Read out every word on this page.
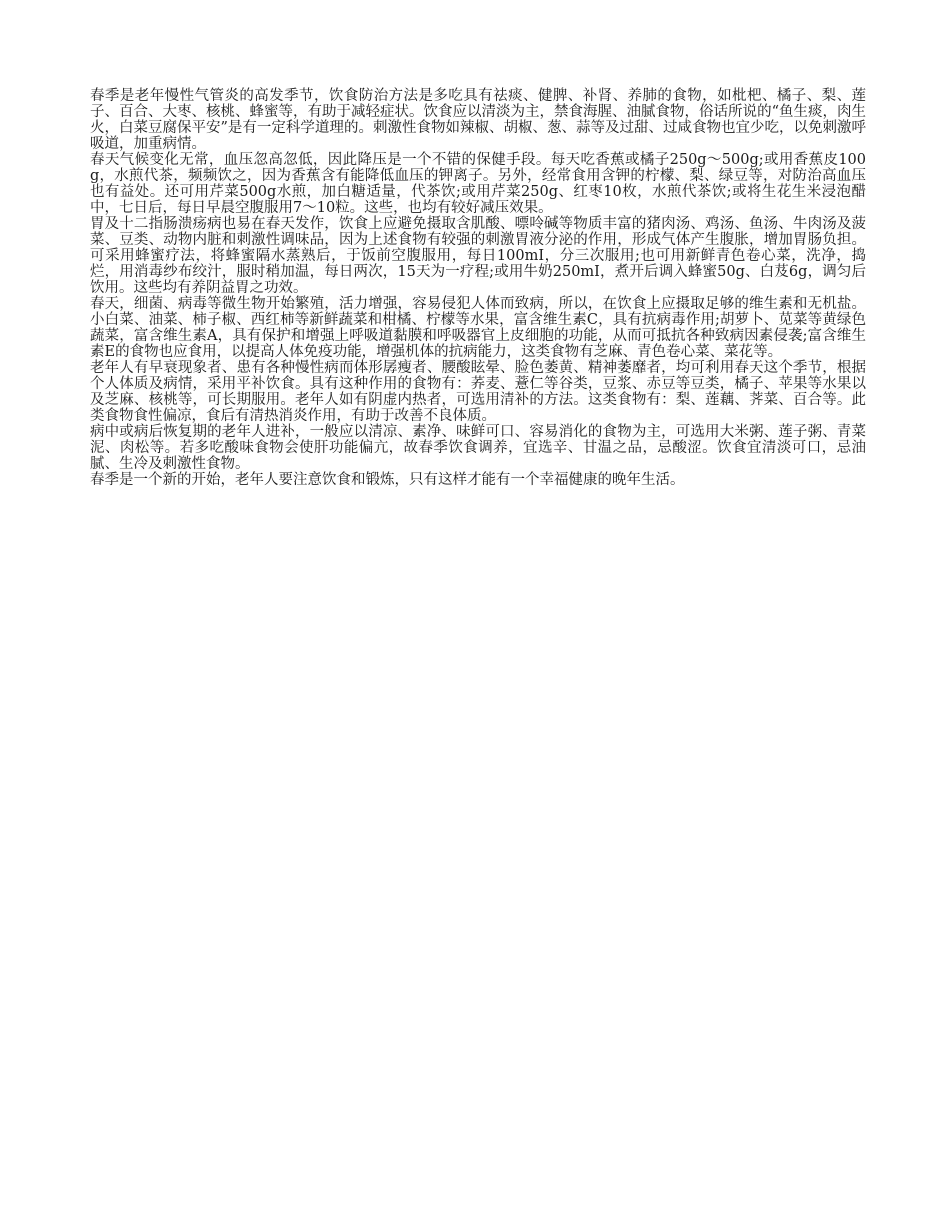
春季是老年慢性气管炎的高发季节，饮食防治方法是多吃具有祛痰、健脾、补肾、养肺的食物，如枇杷、橘子、梨、莲子、百合、大枣、核桃、蜂蜜等，有助于减轻症状。饮食应以清淡为主，禁食海腥、油腻食物，俗话所说的“鱼生痰，肉生火，白菜豆腐保平安”是有一定科学道理的。刺激性食物如辣椒、胡椒、葱、蒜等及过甜、过咸食物也宜少吃，以免刺激呼吸道，加重病情。

春天气候变化无常，血压忽高忽低，因此降压是一个不错的保健手段。每天吃香蕉或橘子250g～500g;或用香蕉皮100g，水煎代茶，频频饮之，因为香蕉含有能降低血压的钾离子。另外，经常食用含钾的柠檬、梨、绿豆等，对防治高血压也有益处。还可用芹菜500g水煎，加白糖适量，代茶饮;或用芹菜250g、红枣10枚，水煎代茶饮;或将生花生米浸泡醋中，七日后，每日早晨空腹服用7～10粒。这些，也均有较好减压效果。

胃及十二指肠溃疡病也易在春天发作，饮食上应避免摄取含肌酸、嘌呤碱等物质丰富的猪肉汤、鸡汤、鱼汤、牛肉汤及菠菜、豆类、动物内脏和刺激性调味品，因为上述食物有较强的刺激胃液分泌的作用，形成气体产生腹胀，增加胃肠负担。可采用蜂蜜疗法，将蜂蜜隔水蒸熟后，于饭前空腹服用，每日100mI，分三次服用;也可用新鲜青色卷心菜，洗净，捣烂，用消毒纱布绞汁，服时稍加温，每日两次，15天为一疗程;或用牛奶250mI，煮开后调入蜂蜜50g、白芨6g，调匀后饮用。这些均有养阴益胃之功效。

春天，细菌、病毒等微生物开始繁殖，活力增强，容易侵犯人体而致病，所以，在饮食上应摄取足够的维生素和无机盐。小白菜、油菜、柿子椒、西红柿等新鲜蔬菜和柑橘、柠檬等水果，富含维生素C，具有抗病毒作用;胡萝卜、苋菜等黄绿色蔬菜，富含维生素A，具有保护和增强上呼吸道黏膜和呼吸器官上皮细胞的功能，从而可抵抗各种致病因素侵袭;富含维生素E的食物也应食用，以提高人体免疫功能，增强机体的抗病能力，这类食物有芝麻、青色卷心菜、菜花等。

老年人有早衰现象者、患有各种慢性病而体形孱瘦者、腰酸眩晕、脸色萎黄、精神萎靡者，均可利用春天这个季节，根据个人体质及病情，采用平补饮食。具有这种作用的食物有：荞麦、薏仁等谷类，豆浆、赤豆等豆类，橘子、苹果等水果以及芝麻、核桃等，可长期服用。老年人如有阴虚内热者，可选用清补的方法。这类食物有：梨、莲藕、荠菜、百合等。此类食物食性偏凉，食后有清热消炎作用，有助于改善不良体质。

病中或病后恢复期的老年人进补，一般应以清凉、素净、味鲜可口、容易消化的食物为主，可选用大米粥、莲子粥、青菜泥、肉松等。若多吃酸味食物会使肝功能偏亢，故春季饮食调养，宜选辛、甘温之品，忌酸涩。饮食宜清淡可口，忌油腻、生冷及刺激性食物。

春季是一个新的开始，老年人要注意饮食和锻炼，只有这样才能有一个幸福健康的晚年生活。
